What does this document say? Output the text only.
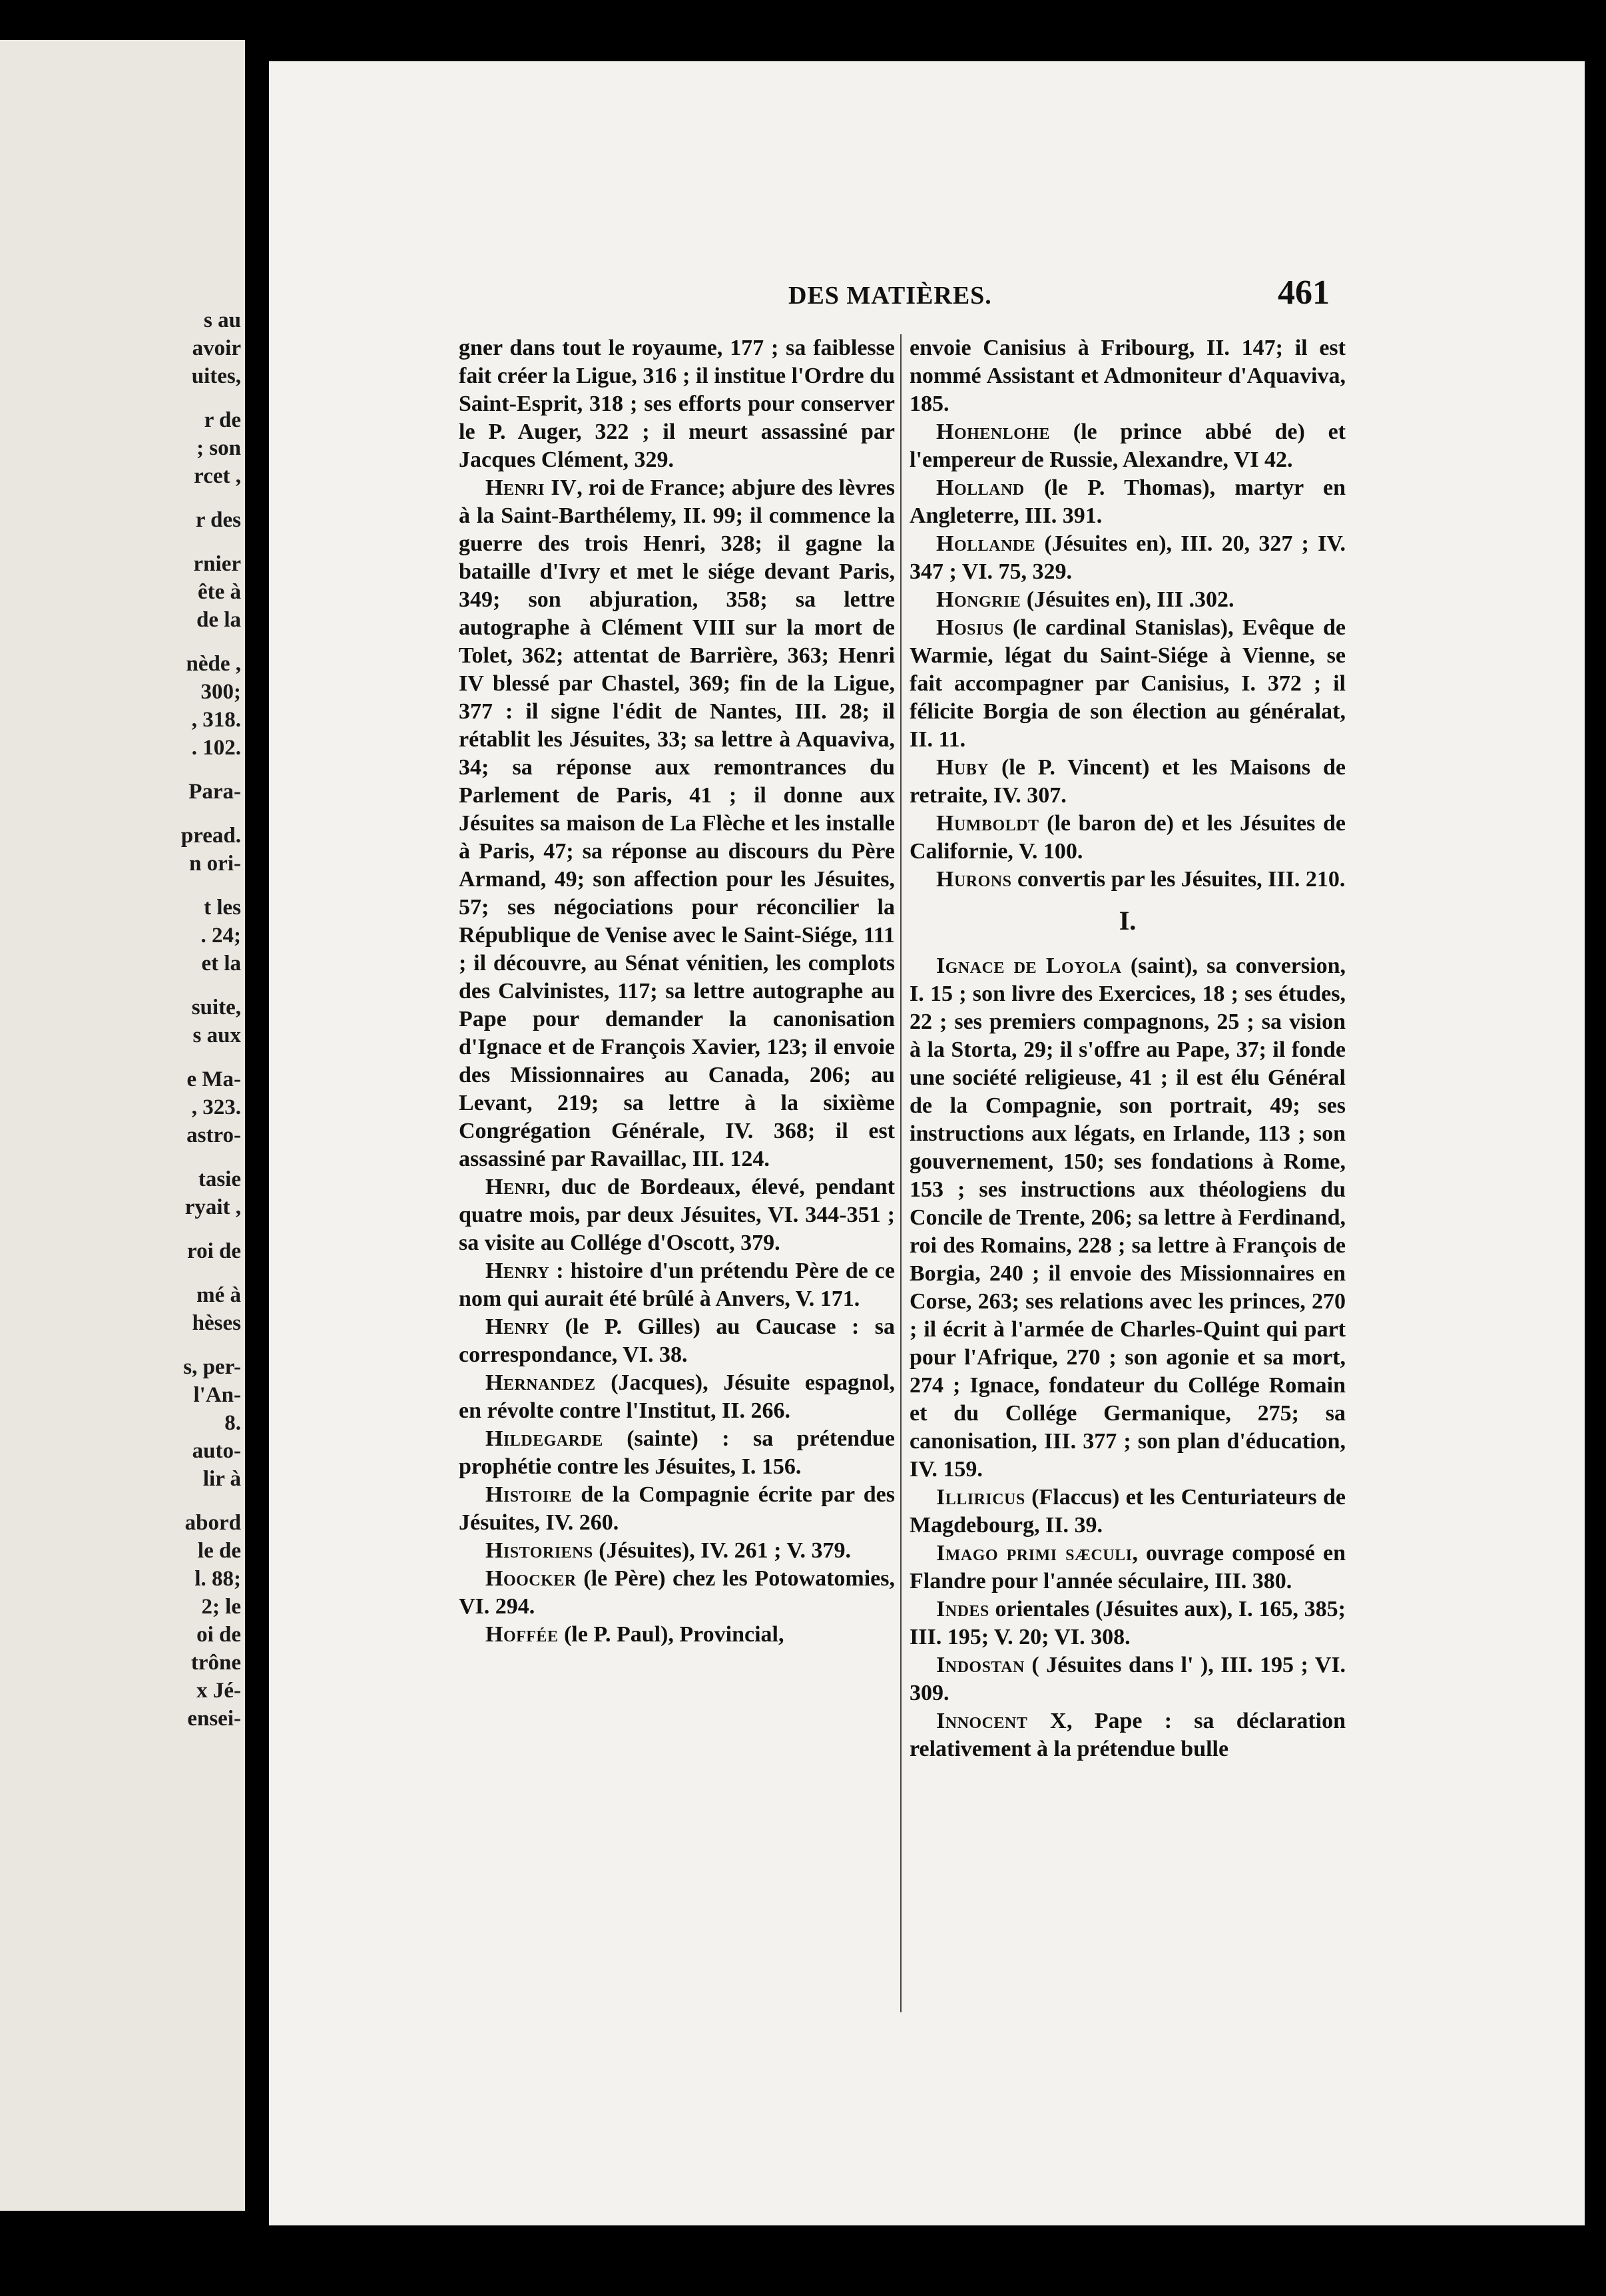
s au
avoir
uites,
r de
; son
rcet ,
r des
rnier
ête à
de la
nède ,
300;
, 318.
. 102.
Para-
pread.
n ori-
t les
. 24;
et la
suite,
s aux
e Ma-
, 323.
astro-
tasie
ryait ,
roi de
mé à
hèses
s, per-
l'An-
8.
auto-
lir à
abord
le de
l. 88;
2; le
oi de
trône
x Jé-
ensei-
DES MATIÈRES.	461

gner dans tout le royaume, 177 ; sa faiblesse fait créer la Ligue, 316 ; il institue l'Ordre du Saint-Esprit, 318 ; ses efforts pour conserver le P. Auger, 322 ; il meurt assassiné par Jacques Clément, 329.

Henri IV, roi de France; abjure des lèvres à la Saint-Barthélemy, II. 99; il commence la guerre des trois Henri, 328; il gagne la bataille d'Ivry et met le siége devant Paris, 349; son abjuration, 358; sa lettre autographe à Clément VIII sur la mort de Tolet, 362; attentat de Barrière, 363; Henri IV blessé par Chastel, 369; fin de la Ligue, 377 : il signe l'édit de Nantes, III. 28; il rétablit les Jésuites, 33; sa lettre à Aquaviva, 34; sa réponse aux remontrances du Parlement de Paris, 41 ; il donne aux Jésuites sa maison de La Flèche et les installe à Paris, 47; sa réponse au discours du Père Armand, 49; son affection pour les Jésuites, 57; ses négociations pour réconcilier la République de Venise avec le Saint-Siége, 111 ; il découvre, au Sénat vénitien, les complots des Calvinistes, 117; sa lettre autographe au Pape pour demander la canonisation d'Ignace et de François Xavier, 123; il envoie des Missionnaires au Canada, 206; au Levant, 219; sa lettre à la sixième Congrégation Générale, IV. 368; il est assassiné par Ravaillac, III. 124.

Henri, duc de Bordeaux, élevé, pendant quatre mois, par deux Jésuites, VI. 344-351 ; sa visite au Collége d'Oscott, 379.

Henry : histoire d'un prétendu Père de ce nom qui aurait été brûlé à Anvers, V. 171.

Henry (le P. Gilles) au Caucase : sa correspondance, VI. 38.

Hernandez (Jacques), Jésuite espagnol, en révolte contre l'Institut, II. 266.

Hildegarde (sainte) : sa prétendue prophétie contre les Jésuites, I. 156.

Histoire de la Compagnie écrite par des Jésuites, IV. 260.

Historiens (Jésuites), IV. 261 ; V. 379.

Hoocker (le Père) chez les Potowatomies, VI. 294.

Hoffée (le P. Paul), Provincial,

envoie Canisius à Fribourg, II. 147; il est nommé Assistant et Admoniteur d'Aquaviva, 185.

Hohenlohe (le prince abbé de) et l'empereur de Russie, Alexandre, VI 42.

Holland (le P. Thomas), martyr en Angleterre, III. 391.

Hollande (Jésuites en), III. 20, 327 ; IV. 347 ; VI. 75, 329.

Hongrie (Jésuites en), III .302.

Hosius (le cardinal Stanislas), Evêque de Warmie, légat du Saint-Siége à Vienne, se fait accompagner par Canisius, I. 372 ; il félicite Borgia de son élection au généralat, II. 11.

Huby (le P. Vincent) et les Maisons de retraite, IV. 307.

Humboldt (le baron de) et les Jésuites de Californie, V. 100.

Hurons convertis par les Jésuites, III. 210.

I.

Ignace de Loyola (saint), sa conversion, I. 15 ; son livre des Exercices, 18 ; ses études, 22 ; ses premiers compagnons, 25 ; sa vision à la Storta, 29; il s'offre au Pape, 37; il fonde une société religieuse, 41 ; il est élu Général de la Compagnie, son portrait, 49; ses instructions aux légats, en Irlande, 113 ; son gouvernement, 150; ses fondations à Rome, 153 ; ses instructions aux théologiens du Concile de Trente, 206; sa lettre à Ferdinand, roi des Romains, 228 ; sa lettre à François de Borgia, 240 ; il envoie des Missionnaires en Corse, 263; ses relations avec les princes, 270 ; il écrit à l'armée de Charles-Quint qui part pour l'Afrique, 270 ; son agonie et sa mort, 274 ; Ignace, fondateur du Collége Romain et du Collége Germanique, 275; sa canonisation, III. 377 ; son plan d'éducation, IV. 159.

Illiricus (Flaccus) et les Centuriateurs de Magdebourg, II. 39.

Imago primi sæculi, ouvrage composé en Flandre pour l'année séculaire, III. 380.

Indes orientales (Jésuites aux), I. 165, 385; III. 195; V. 20; VI. 308.

Indostan ( Jésuites dans l' ), III. 195 ; VI. 309.

Innocent X, Pape : sa déclaration relativement à la prétendue bulle
